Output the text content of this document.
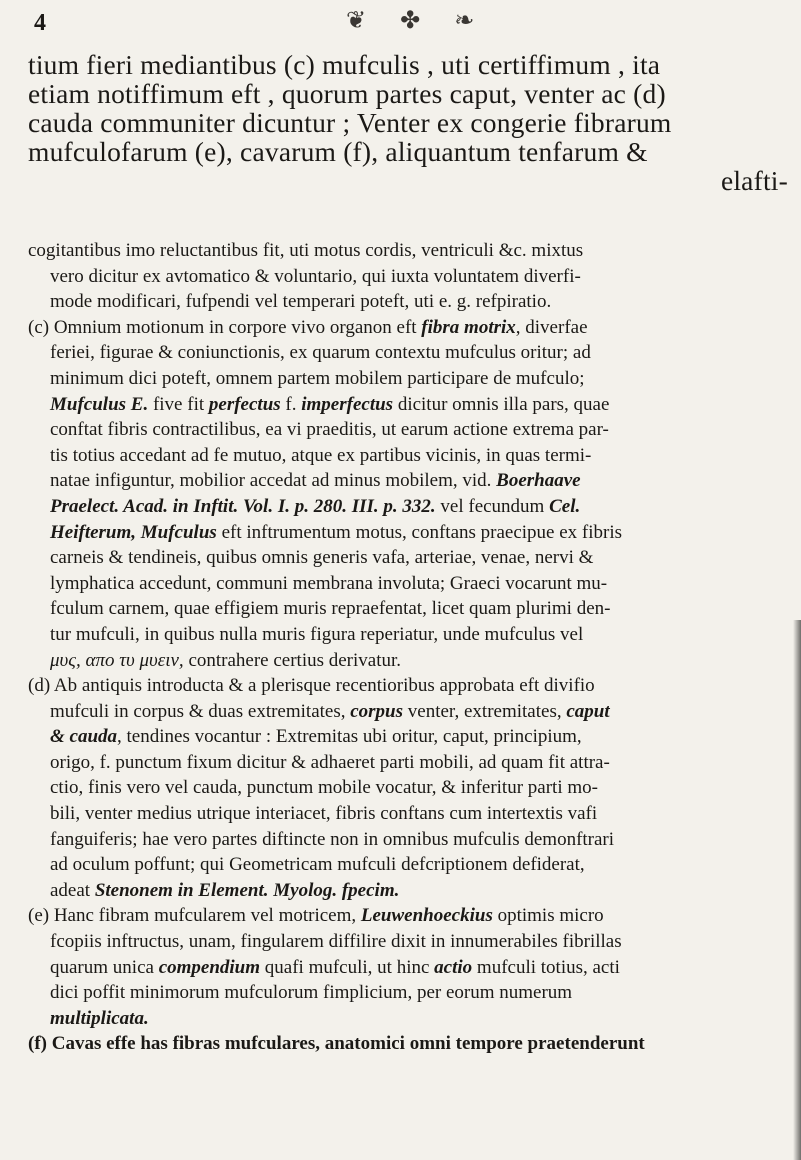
4	❦ ✤ ❧

tium fieri mediantibus (c) mufculis , uti certiffimum , ita

etiam notiffimum eft , quorum partes caput, venter ac (d)

cauda communiter dicuntur ; Venter ex congerie fibrarum

mufculofarum (e), cavarum (f), aliquantum tenfarum &

elafti-

cogitantibus imo reluctantibus fit, uti motus cordis, ventriculi &c. mixtus

vero dicitur ex avtomatico & voluntario, qui iuxta voluntatem diverfi-

mode modificari, fufpendi vel temperari poteft, uti e. g. refpiratio.

(c) Omnium motionum in corpore vivo organon eft fibra motrix, diverfae

feriei, figurae & coniunctionis, ex quarum contextu mufculus oritur; ad

minimum dici poteft, omnem partem mobilem participare de mufculo;

Mufculus E. five fit perfectus f. imperfectus dicitur omnis illa pars, quae

conftat fibris contractilibus, ea vi praeditis, ut earum actione extrema par-

tis totius accedant ad fe mutuo, atque ex partibus vicinis, in quas termi-

natae infiguntur, mobilior accedat ad minus mobilem, vid. Boerhaave

Praelect. Acad. in Inftit. Vol. I. p. 280. III. p. 332. vel fecundum Cel.

Heifterum, Mufculus eft inftrumentum motus, conftans praecipue ex fibris

carneis & tendineis, quibus omnis generis vafa, arteriae, venae, nervi &

lymphatica accedunt, communi membrana involuta; Graeci vocarunt mu-

fculum carnem, quae effigiem muris repraefentat, licet quam plurimi den-

tur mufculi, in quibus nulla muris figura reperiatur, unde mufculus vel

μυς, απο τυ μυειν, contrahere certius derivatur.

(d) Ab antiquis introducta & a plerisque recentioribus approbata eft divifio

mufculi in corpus & duas extremitates, corpus venter, extremitates, caput

& cauda, tendines vocantur : Extremitas ubi oritur, caput, principium,

origo, f. punctum fixum dicitur & adhaeret parti mobili, ad quam fit attra-

ctio, finis vero vel cauda, punctum mobile vocatur, & inferitur parti mo-

bili, venter medius utrique interiacet, fibris conftans cum intertextis vafi

fanguiferis; hae vero partes diftincte non in omnibus mufculis demonftrari

ad oculum poffunt; qui Geometricam mufculi defcriptionem defiderat,

adeat Stenonem in Element. Myolog. fpecim.

(e) Hanc fibram mufcularem vel motricem, Leuwenhoeckius optimis micro

fcopiis inftructus, unam, fingularem diffilire dixit in innumerabiles fibrillas

quarum unica compendium quafi mufculi, ut hinc actio mufculi totius, acti

dici poffit minimorum mufculorum fimplicium, per eorum numerum

multiplicata.

(f) Cavas effe has fibras mufculares, anatomici omni tempore praetenderunt
